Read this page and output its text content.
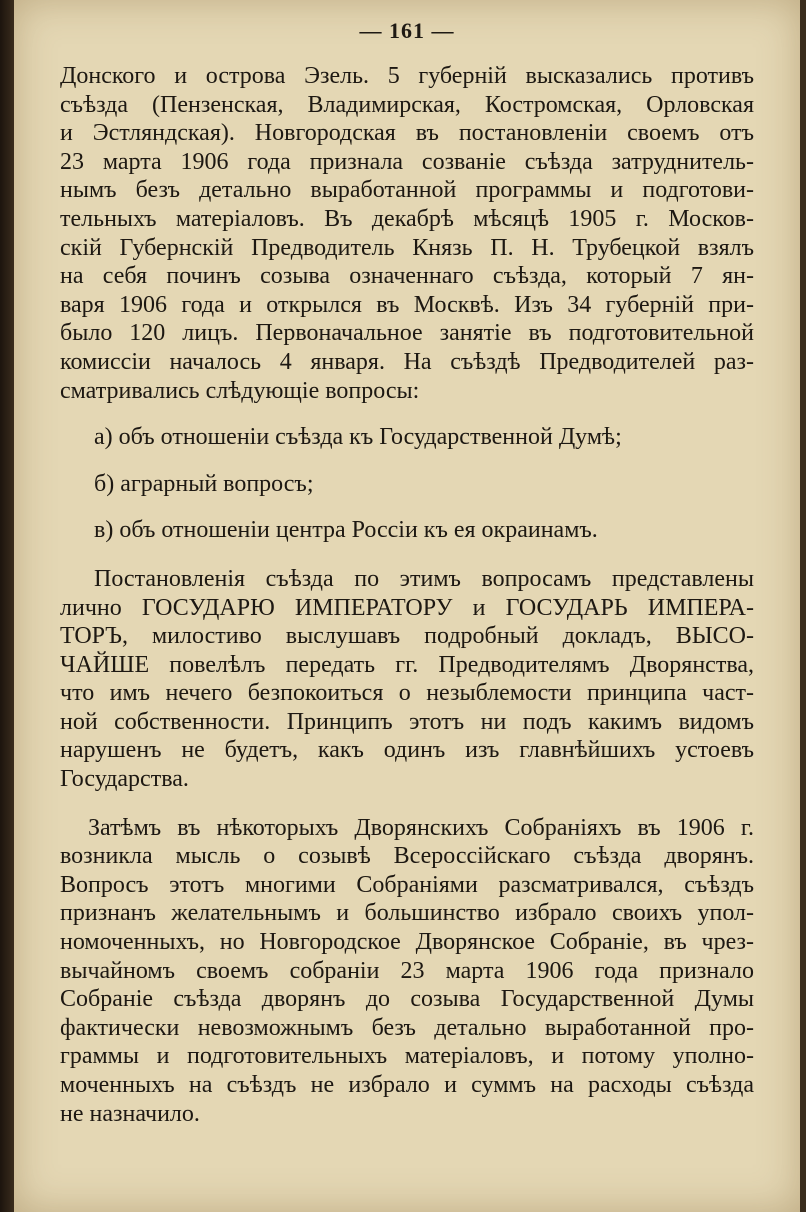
— 161 —
Донского и острова Эзель. 5 губерній высказались противъ
съѣзда (Пензенская, Владимирская, Костромская, Орловская
и Эстляндская). Новгородская въ постановленіи своемъ отъ
23 марта 1906 года признала созваніе съѣзда затруднитель-
нымъ безъ детально выработанной программы и подготови-
тельныхъ матеріаловъ. Въ декабрѣ мѣсяцѣ 1905 г. Москов-
скій Губернскій Предводитель Князь П. Н. Трубецкой взялъ
на себя починъ созыва означеннаго съѣзда, который 7 ян-
варя 1906 года и открылся въ Москвѣ. Изъ 34 губерній при-
было 120 лицъ. Первоначальное занятіе въ подготовительной
комиссіи началось 4 января. На съѣздѣ Предводителей раз-
сматривались слѣдующіе вопросы:
а) объ отношеніи съѣзда къ Государственной Думѣ;
б) аграрный вопросъ;
в) объ отношеніи центра Россіи къ ея окраинамъ.
Постановленія съѣзда по этимъ вопросамъ представлены
лично ГОСУДАРЮ ИМПЕРАТОРУ и ГОСУДАРЬ ИМПЕРА-
ТОРЪ, милостиво выслушавъ подробный докладъ, ВЫСО-
ЧАЙШЕ повелѣлъ передать гг. Предводителямъ Дворянства,
что имъ нечего безпокоиться о незыблемости принципа част-
ной собственности. Принципъ этотъ ни подъ какимъ видомъ
нарушенъ не будетъ, какъ одинъ изъ главнѣйшихъ устоевъ
Государства.
Затѣмъ въ нѣкоторыхъ Дворянскихъ Собраніяхъ въ 1906 г.
возникла мысль о созывѣ Всероссійскаго съѣзда дворянъ.
Вопросъ этотъ многими Собраніями разсматривался, съѣздъ
признанъ желательнымъ и большинство избрало своихъ упол-
номоченныхъ, но Новгородское Дворянское Собраніе, въ чрез-
вычайномъ своемъ собраніи 23 марта 1906 года признало
Собраніе съѣзда дворянъ до созыва Государственной Думы
фактически невозможнымъ безъ детально выработанной про-
граммы и подготовительныхъ матеріаловъ, и потому уполно-
моченныхъ на съѣздъ не избрало и суммъ на расходы съѣзда
не назначило.
